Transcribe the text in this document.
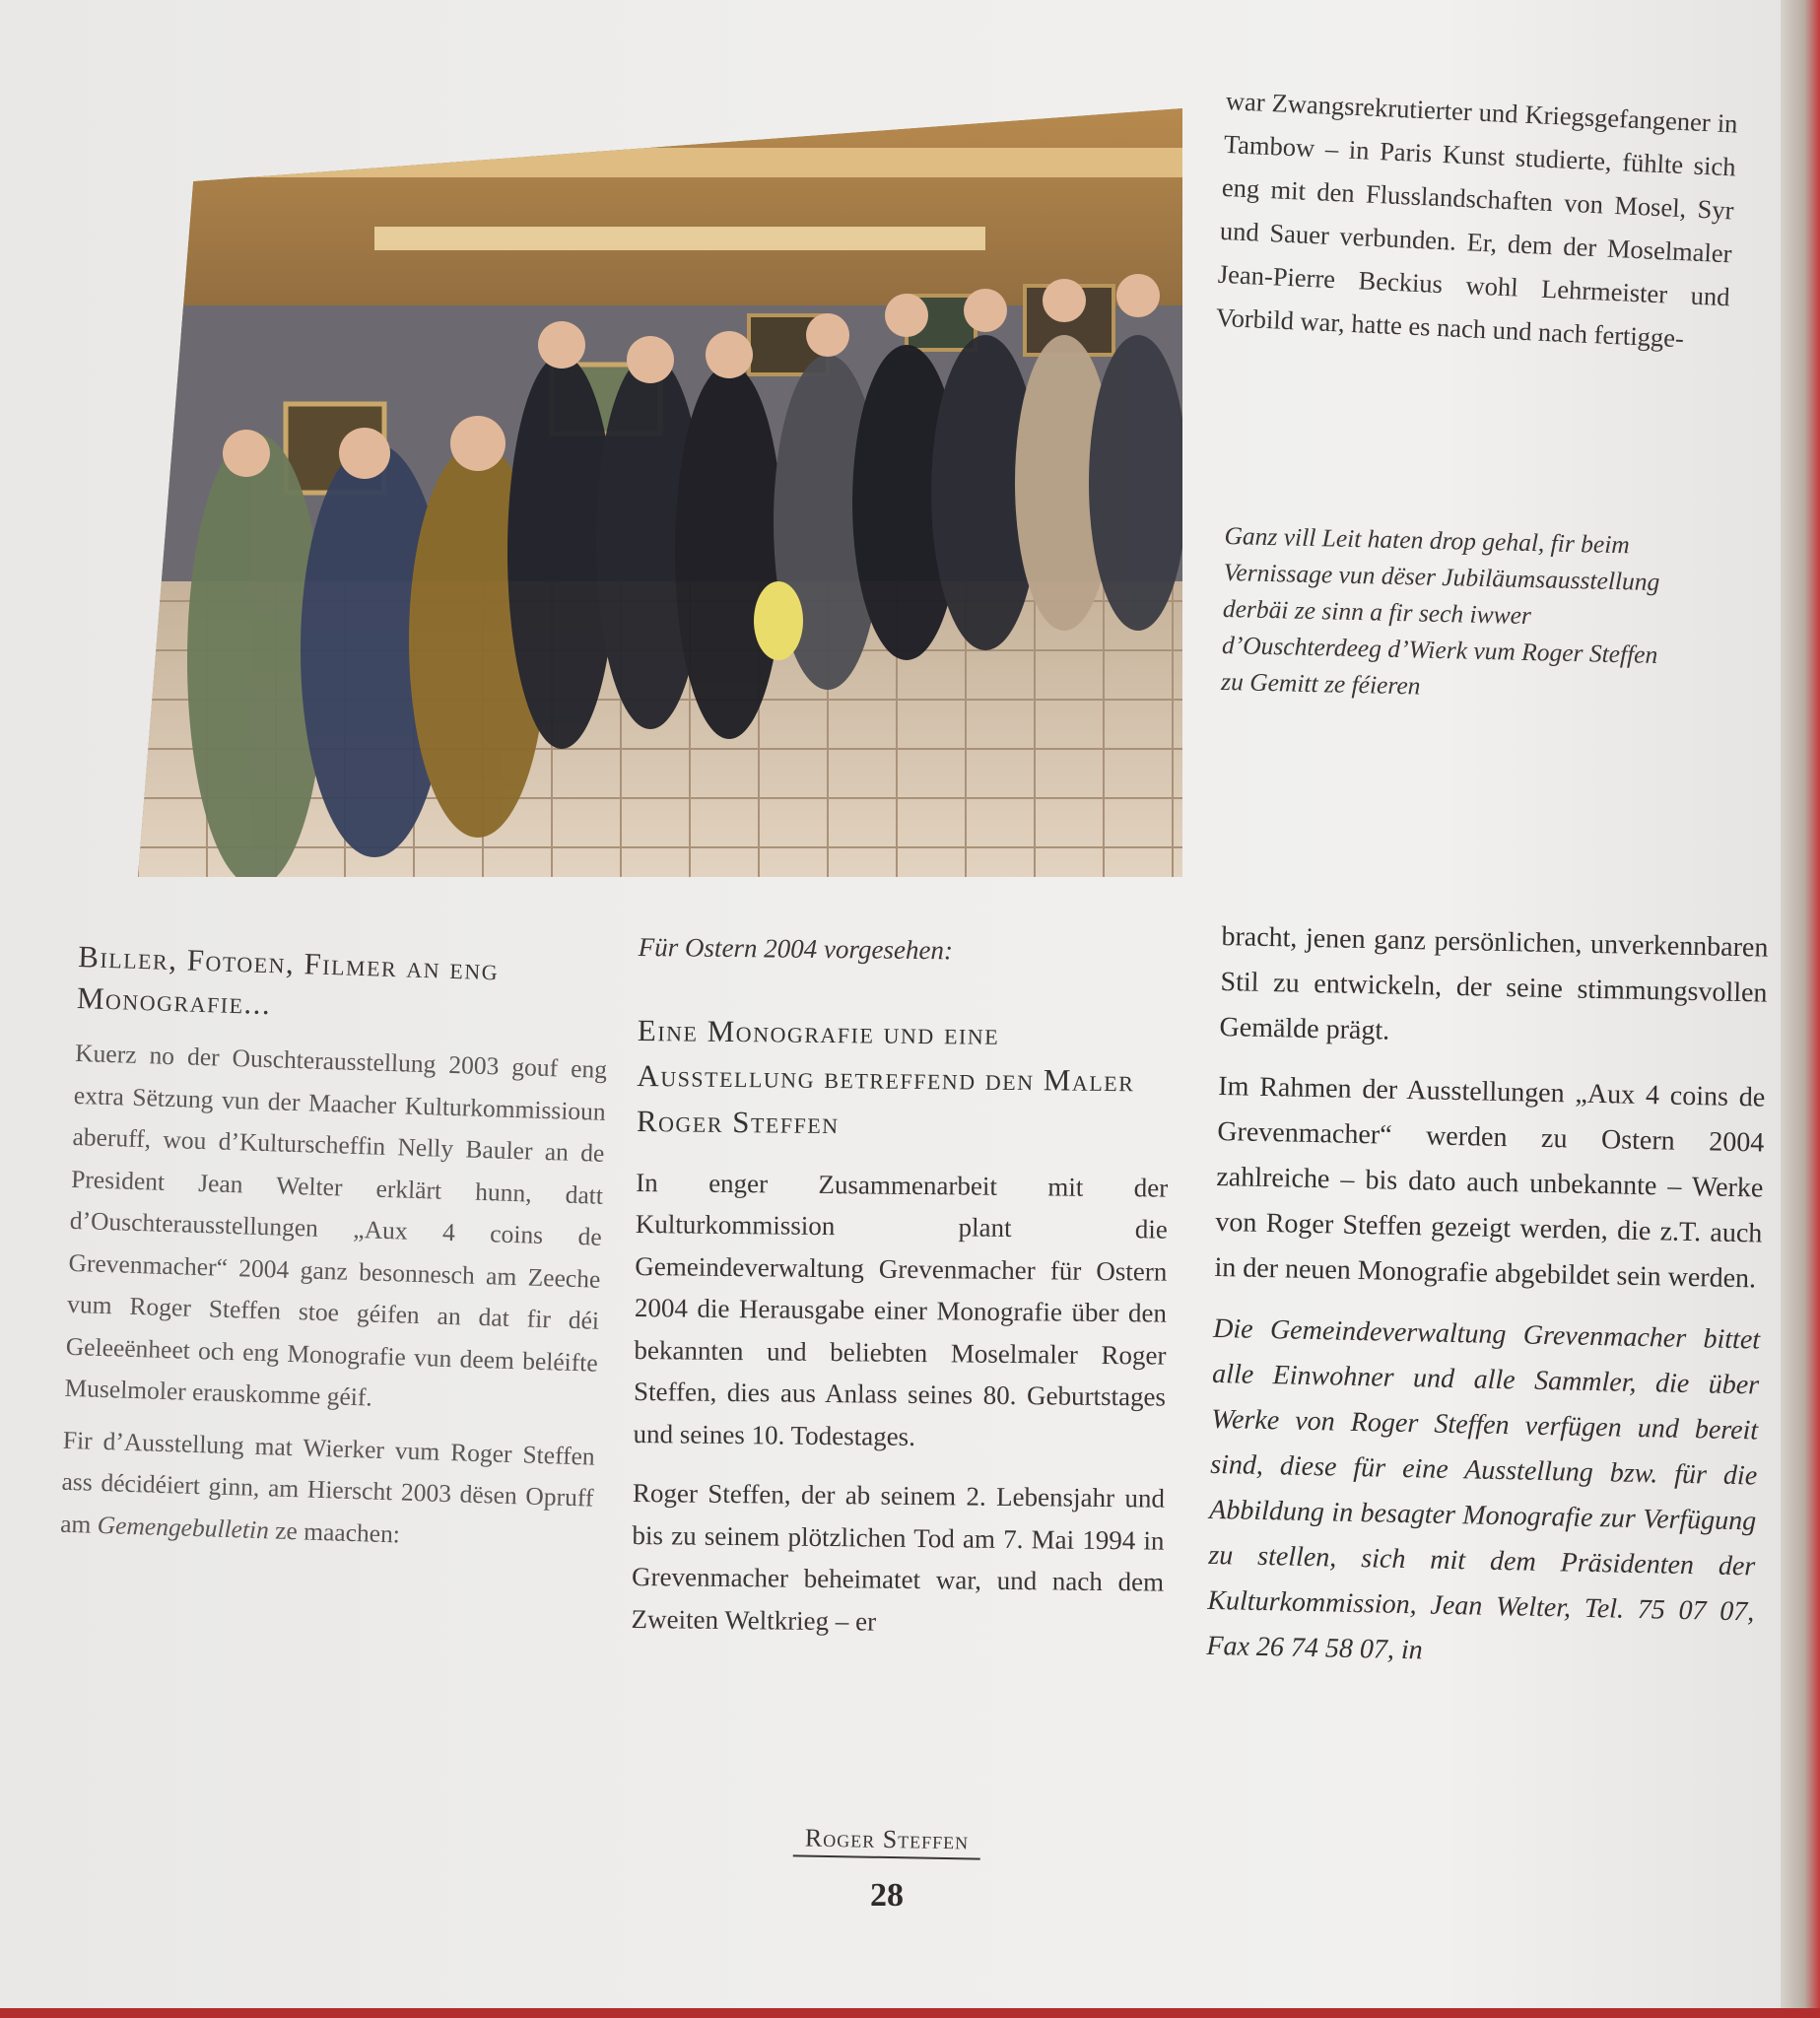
war Zwangsrekrutierter und Kriegsgefangener in Tambow – in Paris Kunst studierte, fühlte sich eng mit den Flusslandschaften von Mosel, Syr und Sauer verbunden. Er, dem der Moselmaler Jean-Pierre Beckius wohl Lehrmeister und Vorbild war, hatte es nach und nach fertigge-
Ganz vill Leit haten drop gehal, fir beim Vernissage vun dëser Jubiläumsausstellung derbäi ze sinn a fir sech iwwer d’Ouschterdeeg d’Wierk vum Roger Steffen zu Gemitt ze féieren
Biller, Fotoen, Filmer an eng Monografie...

Kuerz no der Ouschterausstellung 2003 gouf eng extra Sëtzung vun der Maacher Kulturkommissioun aberuff, wou d’Kulturscheffin Nelly Bauler an de President Jean Welter erklärt hunn, datt d’Ouschterausstellungen „Aux 4 coins de Grevenmacher“ 2004 ganz besonnesch am Zeeche vum Roger Steffen stoe géifen an dat fir déi Geleeënheet och eng Monografie vun deem beléifte Muselmoler erauskomme géif.

Fir d’Ausstellung mat Wierker vum Roger Steffen ass décidéiert ginn, am Hierscht 2003 dësen Opruff am Gemengebulletin ze maachen:

Für Ostern 2004 vorgesehen:

Eine Monografie und eine Ausstellung betreffend den Maler Roger Steffen

In enger Zusammenarbeit mit der Kulturkommission plant die Gemeindeverwaltung Grevenmacher für Ostern 2004 die Herausgabe einer Monografie über den bekannten und beliebten Moselmaler Roger Steffen, dies aus Anlass seines 80. Geburtstages und seines 10. Todestages.

Roger Steffen, der ab seinem 2. Lebensjahr und bis zu seinem plötzlichen Tod am 7. Mai 1994 in Grevenmacher beheimatet war, und nach dem Zweiten Weltkrieg – er

bracht, jenen ganz persönlichen, unverkennbaren Stil zu entwickeln, der seine stimmungsvollen Gemälde prägt.

Im Rahmen der Ausstellungen „Aux 4 coins de Grevenmacher“ werden zu Ostern 2004 zahlreiche – bis dato auch unbekannte – Werke von Roger Steffen gezeigt werden, die z.T. auch in der neuen Monografie abgebildet sein werden.

Die Gemeindeverwaltung Grevenmacher bittet alle Einwohner und alle Sammler, die über Werke von Roger Steffen verfügen und bereit sind, diese für eine Ausstellung bzw. für die Abbildung in besagter Monografie zur Verfügung zu stellen, sich mit dem Präsidenten der Kulturkommission, Jean Welter, Tel. 75 07 07, Fax 26 74 58 07, in

Roger Steffen
28
